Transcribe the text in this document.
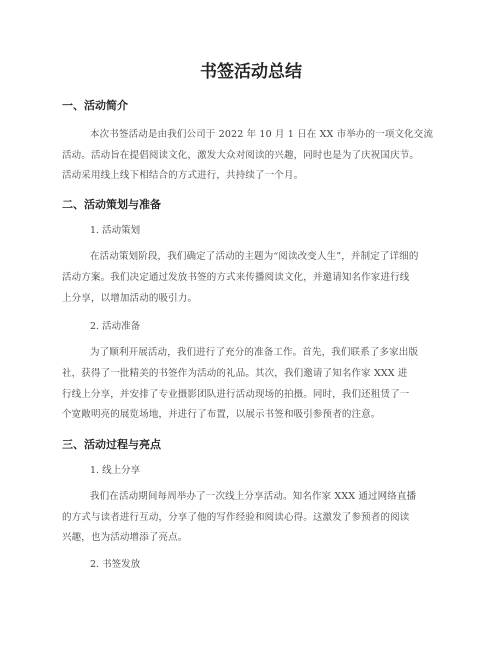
书签活动总结
一、活动简介
本次书签活动是由我们公司于 2022 年 10 月 1 日在 XX 市举办的一项文化交流
活动。活动旨在提倡阅读文化，激发大众对阅读的兴趣，同时也是为了庆祝国庆节。
活动采用线上线下相结合的方式进行，共持续了一个月。
二、活动策划与准备
1. 活动策划
在活动策划阶段，我们确定了活动的主题为“阅读改变人生”，并制定了详细的
活动方案。我们决定通过发放书签的方式来传播阅读文化，并邀请知名作家进行线
上分享，以增加活动的吸引力。
2. 活动准备
为了顺利开展活动，我们进行了充分的准备工作。首先，我们联系了多家出版
社，获得了一批精美的书签作为活动的礼品。其次，我们邀请了知名作家 XXX 进
行线上分享，并安排了专业摄影团队进行活动现场的拍摄。同时，我们还租赁了一
个宽敞明亮的展览场地，并进行了布置，以展示书签和吸引参预者的注意。
三、活动过程与亮点
1. 线上分享
我们在活动期间每周举办了一次线上分享活动。知名作家 XXX 通过网络直播
的方式与读者进行互动，分享了他的写作经验和阅读心得。这激发了参预者的阅读
兴趣，也为活动增添了亮点。
2. 书签发放
